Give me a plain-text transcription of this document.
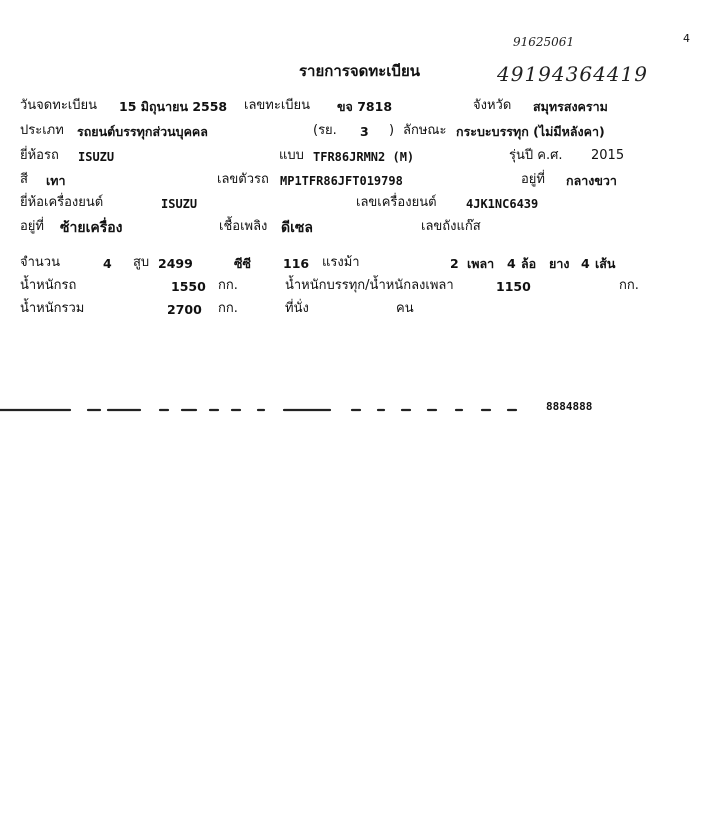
4
91625061
49194364419
รายการจดทะเบียน
วันจดทะเบียน 15 มิถุนายน 2558 เลขทะเบียน ขจ 7818	จังหวัด สมุทรสงคราม
ประเภท รถยนต์บรรทุกส่วนบุคคล	(รย. 3 ) ลักษณะ กระบะบรรทุก (ไม่มีหลังคา)
ยี่ห้อรถ ISUZU	แบบ TFR86JRMN2 (M)	รุ่นปี ค.ศ. 2015
สี เทา	เลขตัวรถ MP1TFR86JFT019798	อยู่ที่ กลางขวา
ยี่ห้อเครื่องยนต์	ISUZU	เลขเครื่องยนต์ 4JK1NC6439
อยู่ที่ ซ้ายเครื่อง	เชื้อเพลิง ดีเซล	เลขถังแก๊ส
จำนวน	4 สูบ 2499	ซีซี	116 แรงม้า	2 เพลา 4 ล้อ ยาง 4 เส้น
น้ำหนักรถ	1550 กก.	น้ำหนักบรรทุก/น้ำหนักลงเพลา	1150	กก.
น้ำหนักรวม	2700 กก.	ที่นั่ง	คน
8884888
